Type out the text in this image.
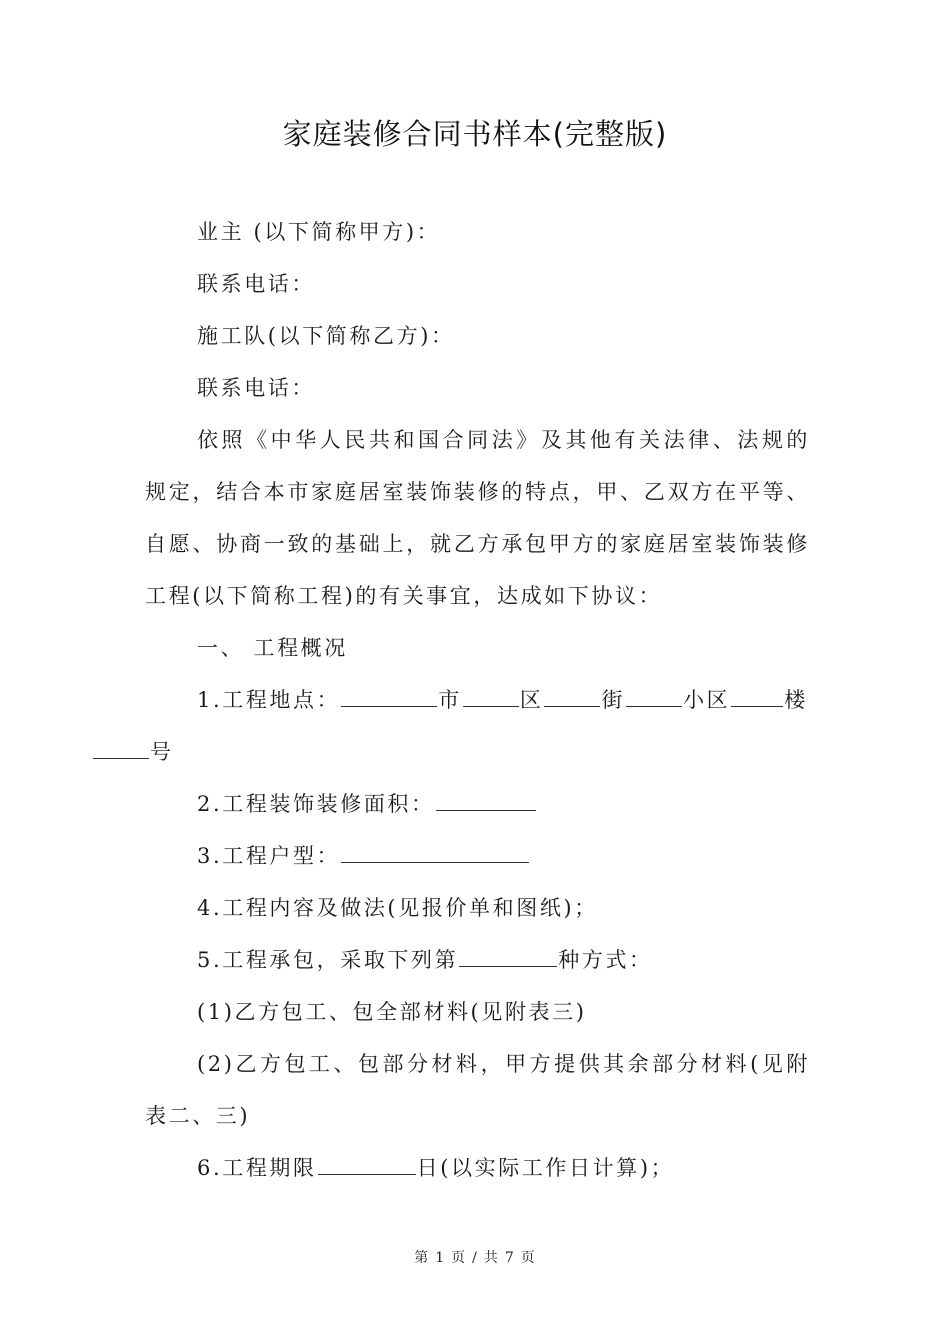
家庭装修合同书样本(完整版)

业主 (以下简称甲方)：

联系电话：

施工队(以下简称乙方)：

联系电话：

依照《中华人民共和国合同法》及其他有关法律、法规的规定，结合本市家庭居室装饰装修的特点，甲、乙双方在平等、自愿、协商一致的基础上，就乙方承包甲方的家庭居室装饰装修工程(以下简称工程)的有关事宜，达成如下协议：

一、 工程概况

1.工程地点：	市	区	街	小区	楼
号

2.工程装饰装修面积：

3.工程户型：

4.工程内容及做法(见报价单和图纸)；

5.工程承包，采取下列第	种方式：

(1)乙方包工、包全部材料(见附表三)

(2)乙方包工、包部分材料，甲方提供其余部分材料(见附表二、三)

6.工程期限	日(以实际工作日计算)；

第 1 页 / 共 7 页
